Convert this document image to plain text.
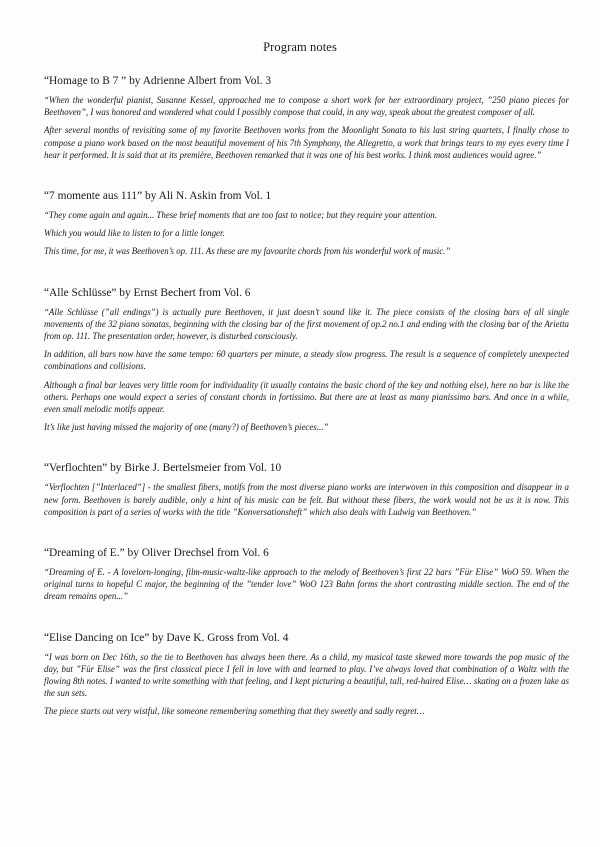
Program notes
“Homage to B 7 ” by Adrienne Albert from Vol. 3

“When the wonderful pianist, Susanne Kessel, approached me to compose a short work for her extraordinary project, ”250 piano pieces for Beethoven”, I was honored and wondered what could I possibly compose that could, in any way, speak about the greatest composer of all.

After several months of revisiting some of my favorite Beethoven works from the Moonlight Sonata to his last string quartets, I finally chose to compose a piano work based on the most beautiful movement of his 7th Symphony, the Allegretto, a work that brings tears to my eyes every time I hear it performed. It is said that at its première, Beethoven remarked that it was one of his best works. I think most audiences would agree.”

“7 momente aus 111” by Ali N. Askin from Vol. 1

“They come again and again... These brief moments that are too fast to notice; but they require your attention.

Which you would like to listen to for a little longer.

This time, for me, it was Beethoven’s op. 111. As these are my favourite chords from his wonderful work of music.”

“Alle Schlüsse” by Ernst Bechert from Vol. 6

“Alle Schlüsse (”all endings”) is actually pure Beethoven, it just doesn’t sound like it. The piece consists of the closing bars of all single movements of the 32 piano sonatas, beginning with the closing bar of the first movement of op.2 no.1 and ending with the closing bar of the Arietta from op. 111. The presentation order, however, is disturbed consciously.

In addition, all bars now have the same tempo: 60 quarters per minute, a steady slow progress. The result is a sequence of completely unexpected combinations and collisions.

Although a final bar leaves very little room for individuality (it usually contains the basic chord of the key and nothing else), here no bar is like the others. Perhaps one would expect a series of constant chords in fortissimo. But there are at least as many pianissimo bars. And once in a while, even small melodic motifs appear.

It’s like just having missed the majority of one (many?) of Beethoven’s pieces...”

“Verflochten” by Birke J. Bertelsmeier from Vol. 10

“Verflochten [”Interlaced”] - the smallest fibers, motifs from the most diverse piano works are interwoven in this composition and disappear in a new form. Beethoven is barely audible, only a hint of his music can be felt. But without these fibers, the work would not be as it is now. This composition is part of a series of works with the title ”Konversationsheft” which also deals with Ludwig van Beethoven.”

“Dreaming of E.” by Oliver Drechsel from Vol. 6

“Dreaming of E. - A lovelorn-longing, film-music-waltz-like approach to the melody of Beethoven’s first 22 bars ”Für Elise” WoO 59. When the original turns to hopeful C major, the beginning of the ”tender love” WoO 123 Bahn forms the short contrasting middle section. The end of the dream remains open...”

“Elise Dancing on Ice” by Dave K. Gross from Vol. 4

“I was born on Dec 16th, so the tie to Beethoven has always been there. As a child, my musical taste skewed more towards the pop music of the day, but ”Für Elise” was the first classical piece I fell in love with and learned to play. I’ve always loved that combination of a Waltz with the flowing 8th notes. I wanted to write something with that feeling, and I kept picturing a beautiful, tall, red-haired Elise… skating on a frozen lake as the sun sets.

The piece starts out very wistful, like someone remembering something that they sweetly and sadly regret…
